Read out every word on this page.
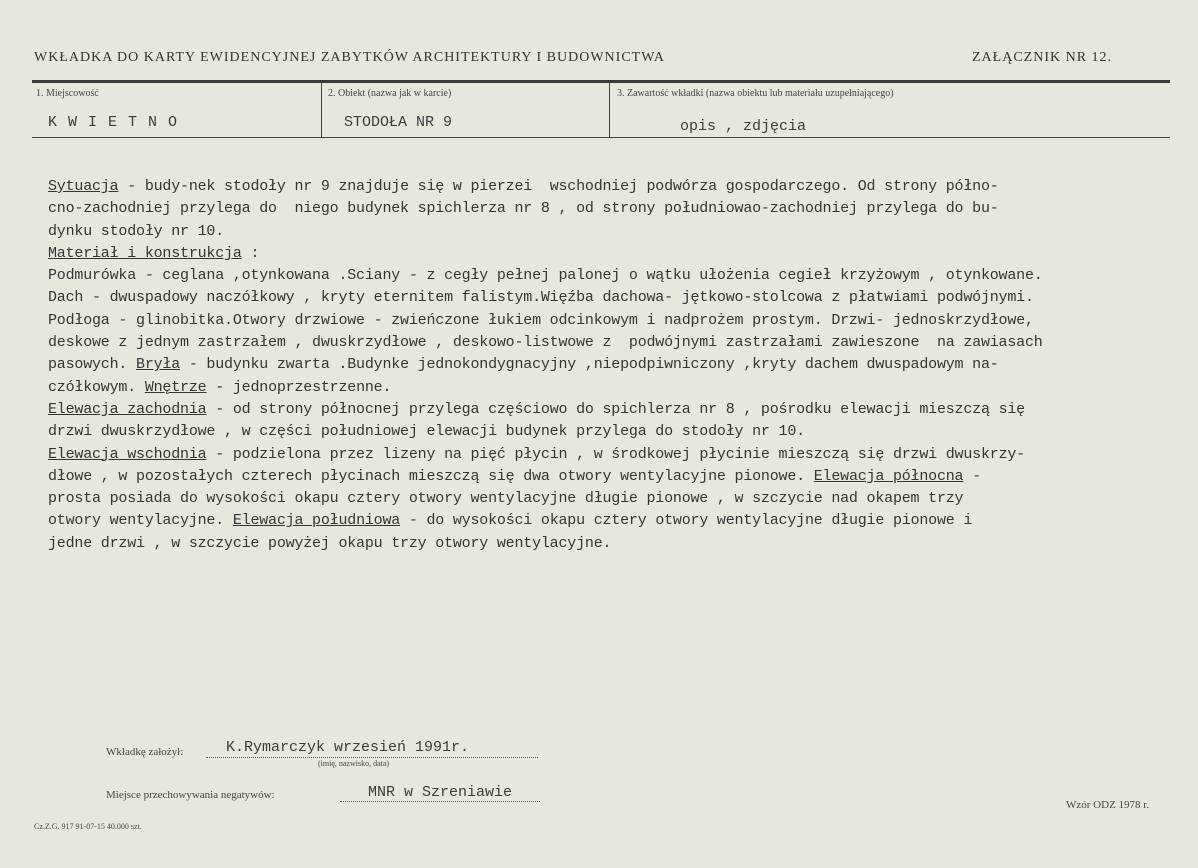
WKŁADKA DO KARTY EWIDENCYJNEJ ZABYTKÓW ARCHITEKTURY I BUDOWNICTWA	ZAŁĄCZNIK NR 12.
1. Miejscowość
K W I E T N O
2. Obiekt (nazwa jak w karcie)
STODOŁA NR 9
3. Zawartość wkładki (nazwa obiektu lub materiału uzupełniającego)
opis , zdjęcia
Sytuacja - budy-nek stodoły nr 9 znajduje się w pierzei  wschodniej podwórza gospodarczego. Od strony półno-
cno-zachodniej przylega do  niego budynek spichlerza nr 8 , od strony południowao-zachodniej przylega do bu-
dynku stodoły nr 10.
Materiał i konstrukcja :
Podmurówka - ceglana ,otynkowana .Sciany - z cegły pełnej palonej o wątku ułożenia cegieł krzyżowym , otynkowane.
Dach - dwuspadowy naczółkowy , kryty eternitem falistym.Więźba dachowa- jętkowo-stolcowa z płatwiami podwójnymi.
Podłoga - glinobitka.Otwory drzwiowe - zwieńczone łukiem odcinkowym i nadprożem prostym. Drzwi- jednoskrzydłowe,
deskowe z jednym zastrzałem , dwuskrzydłowe , deskowo-listwowe z  podwójnymi zastrzałami zawieszone  na zawiasach
pasowych. Bryła - budynku zwarta .Budynke jednokondygnacyjny ,niepodpiwniczony ,kryty dachem dwuspadowym na-
czółkowym. Wnętrze - jednoprzestrzenne.
Elewacja zachodnia - od strony północnej przylega częściowo do spichlerza nr 8 , pośrodku elewacji mieszczą się
drzwi dwuskrzydłowe , w części południowej elewacji budynek przylega do stodoły nr 10.
Elewacja wschodnia - podzielona przez lizeny na pięć płycin , w środkowej płycinie mieszczą się drzwi dwuskrzy-
dłowe , w pozostałych czterech płycinach mieszczą się dwa otwory wentylacyjne pionowe. Elewacja północna -
prosta posiada do wysokości okapu cztery otwory wentylacyjne długie pionowe , w szczycie nad okapem trzy
otwory wentylacyjne. Elewacja południowa - do wysokości okapu cztery otwory wentylacyjne długie pionowe i
jedne drzwi , w szczycie powyżej okapu trzy otwory wentylacyjne.
Wkładkę założył:	K.Rymarczyk wrzesień 1991r.
(imię, nazwisko, data)
Miejsce przechowywania negatywów:	MNR w Szreniawie
Wzór ODZ 1978 r.
Cz.Z.G. 917 91-07-15 40.000 szt.
